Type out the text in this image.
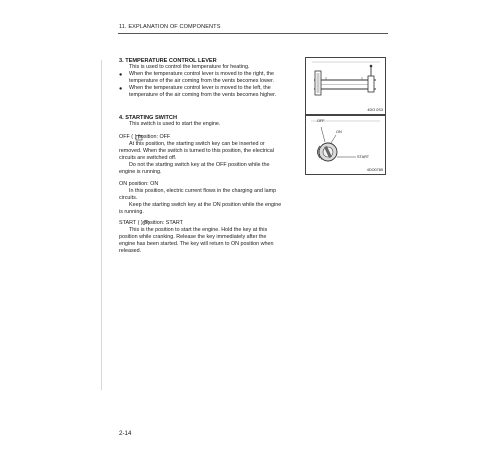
11. EXPLANATION OF COMPONENTS
3. TEMPERATURE CONTROL LEVER
This is used to control the temperature for heating.
● When the temperature control lever is moved to the right, the
temperature of the air coming from the vents becomes lower.
● When the temperature control lever is moved to the left, the
temperature of the air coming from the vents becomes higher.
4DO 0S3
4. STARTING SWITCH
This switch is used to start the engine.
OFF ( ) position: OFF
At this position, the starting switch key can be inserted or
removed. When the switch is turned to this position, the electrical
circuits are switched off.
Do not the starting switch key at the OFF position while the
engine is running.
OFF
ON
START
4DO0785
ON position: ON
In this position, electric current flows in the charging and lamp
circuits.
Keep the starting switch key at the ON position while the engine
is running.
START ( ) position: START
This is the position to start the engine. Hold the key at this
position while cranking. Release the key immediately after the
engine has been started. The key will return to ON position when
released.
2-14
